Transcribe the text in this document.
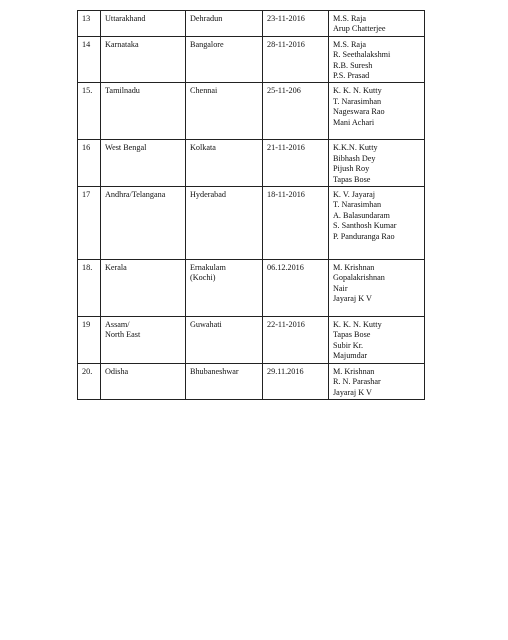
13	Uttarakhand	Dehradun	23-11-2016	M.S. Raja
Arup Chatterjee

14	Karnataka	Bangalore	28-11-2016	M.S. Raja
R. Seethalakshmi
R.B. Suresh
P.S. Prasad

15.	Tamilnadu	Chennai	25-11-206	K. K. N. Kutty
T. Narasimhan
Nageswara Rao
Mani Achari

16	West Bengal	Kolkata	21-11-2016	K.K.N. Kutty
Bibhash Dey
Pijush Roy
Tapas Bose

17	Andhra/Telangana	Hyderabad	18-11-2016	K. V. Jayaraj
T. Narasimhan
A. Balasundaram
S. Santhosh Kumar
P. Panduranga Rao

18.	Kerala	Ernakulam
(Kochi)	06.12.2016	M. Krishnan
Gopalakrishnan
Nair
Jayaraj K V

19	Assam/
North East	Guwahati	22-11-2016	K. K. N. Kutty
Tapas Bose
Subir Kr.
Majumdar

20.	Odisha	Bhubaneshwar	29.11.2016	M. Krishnan
R. N. Parashar
Jayaraj K V
